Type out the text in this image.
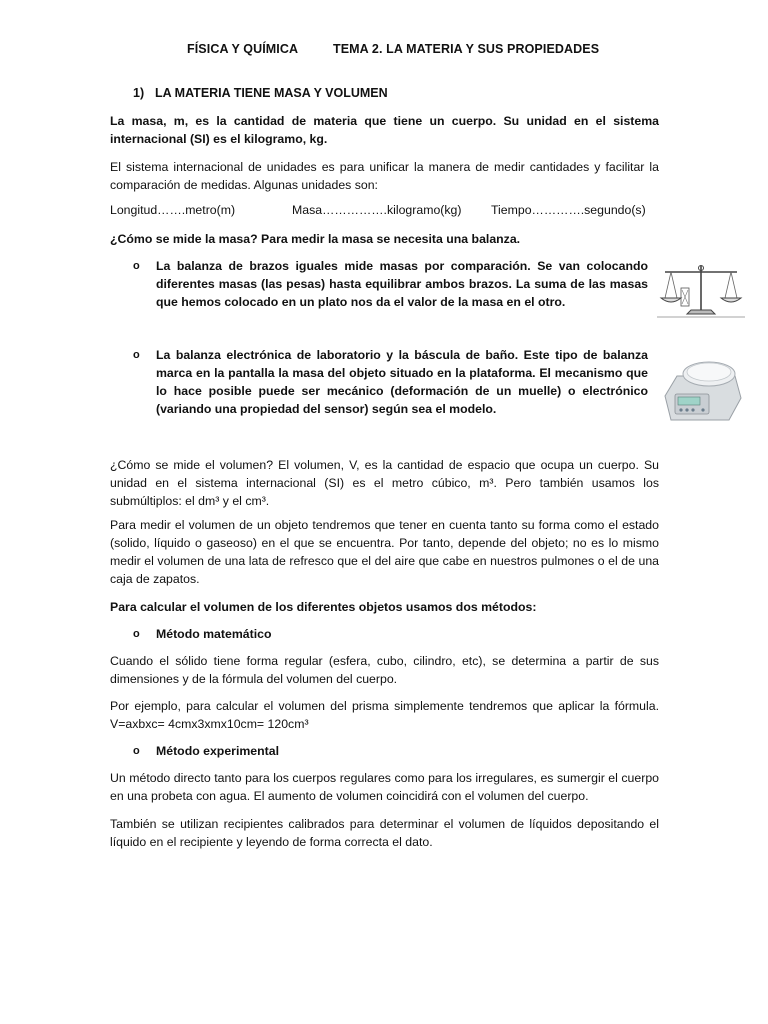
FÍSICA Y QUÍMICA	TEMA 2. LA MATERIA Y SUS PROPIEDADES
1) LA MATERIA TIENE MASA Y VOLUMEN
La masa, m, es la cantidad de materia que tiene un cuerpo. Su unidad en el sistema internacional (SI) es el kilogramo, kg.
El sistema internacional de unidades es para unificar la manera de medir cantidades y facilitar la comparación de medidas. Algunas unidades son:
Longitud…….metro(m)	Masa…………….kilogramo(kg) Tiempo………….segundo(s)
¿Cómo se mide la masa? Para medir la masa se necesita una balanza.
o La balanza de brazos iguales mide masas por comparación. Se van colocando diferentes masas (las pesas) hasta equilibrar ambos brazos. La suma de las masas que hemos colocado en un plato nos da el valor de la masa en el otro.
o La balanza electrónica de laboratorio y la báscula de baño. Este tipo de balanza marca en la pantalla la masa del objeto situado en la plataforma. El mecanismo que lo hace posible puede ser mecánico (deformación de un muelle) o electrónico (variando una propiedad del sensor) según sea el modelo.
¿Cómo se mide el volumen? El volumen, V, es la cantidad de espacio que ocupa un cuerpo. Su unidad en el sistema internacional (SI) es el metro cúbico, m³. Pero también usamos los submúltiplos: el dm³ y el cm³.
Para medir el volumen de un objeto tendremos que tener en cuenta tanto su forma como el estado (solido, líquido o gaseoso) en el que se encuentra. Por tanto, depende del objeto; no es lo mismo medir el volumen de una lata de refresco que el del aire que cabe en nuestros pulmones o el de una caja de zapatos.
Para calcular el volumen de los diferentes objetos usamos dos métodos:
o Método matemático
Cuando el sólido tiene forma regular (esfera, cubo, cilindro, etc), se determina a partir de sus dimensiones y de la fórmula del volumen del cuerpo.
Por ejemplo, para calcular el volumen del prisma simplemente tendremos que aplicar la fórmula. V=axbxc= 4cmx3xmx10cm= 120cm³
o Método experimental
Un método directo tanto para los cuerpos regulares como para los irregulares, es sumergir el cuerpo en una probeta con agua. El aumento de volumen coincidirá con el volumen del cuerpo.
También se utilizan recipientes calibrados para determinar el volumen de líquidos depositando el líquido en el recipiente y leyendo de forma correcta el dato.
